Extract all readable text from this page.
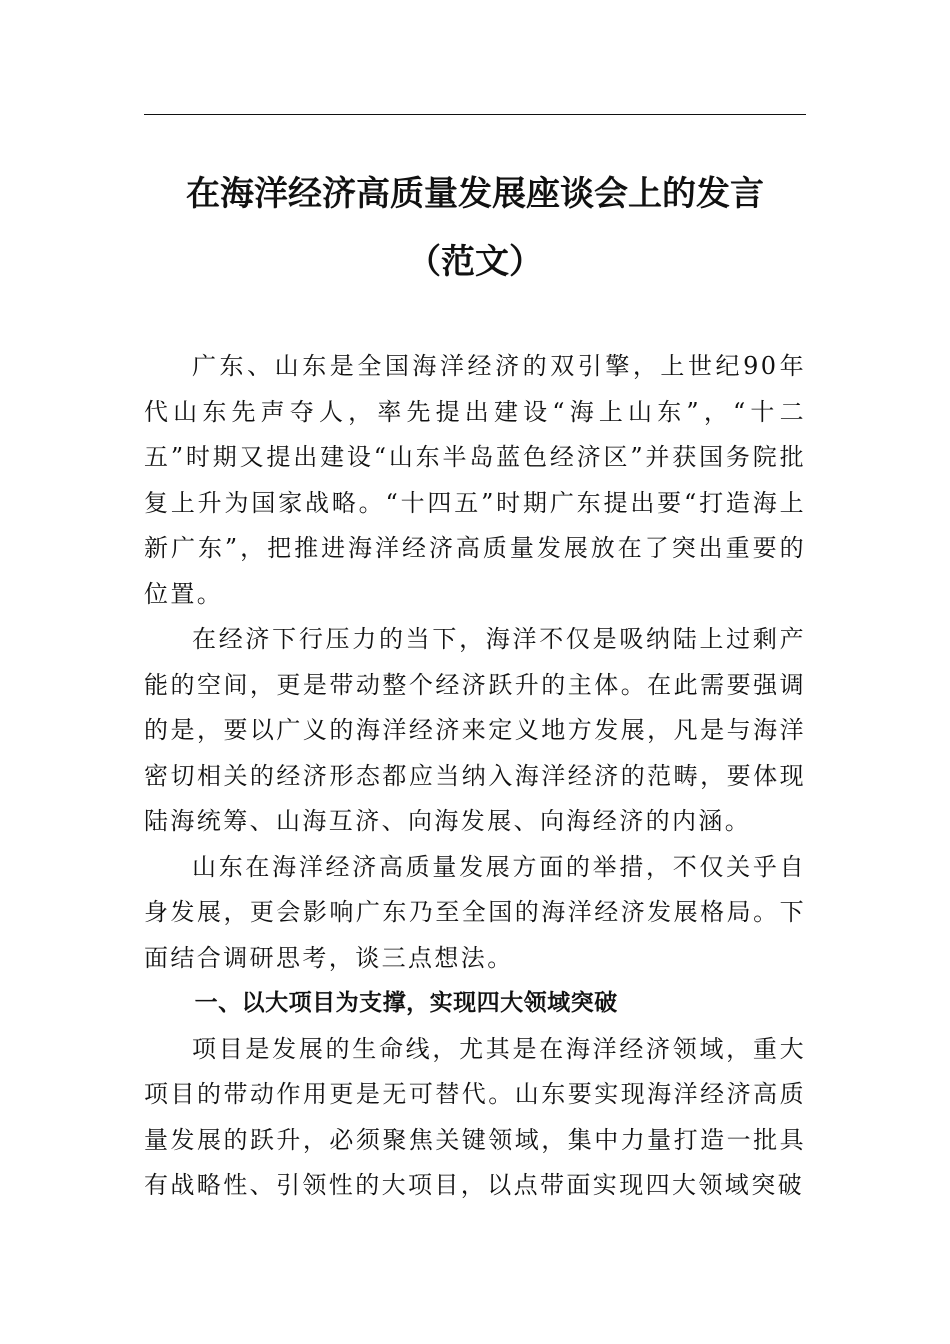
在海洋经济高质量发展座谈会上的发言
（范文）

广东、山东是全国海洋经济的双引擎，上世纪90年代山东先声夺人，率先提出建设“海上山东”，“十二五”时期又提出建设“山东半岛蓝色经济区”并获国务院批复上升为国家战略。“十四五”时期广东提出要“打造海上新广东”，把推进海洋经济高质量发展放在了突出重要的位置。

在经济下行压力的当下，海洋不仅是吸纳陆上过剩产能的空间，更是带动整个经济跃升的主体。在此需要强调的是，要以广义的海洋经济来定义地方发展，凡是与海洋密切相关的经济形态都应当纳入海洋经济的范畴，要体现陆海统筹、山海互济、向海发展、向海经济的内涵。

山东在海洋经济高质量发展方面的举措，不仅关乎自身发展，更会影响广东乃至全国的海洋经济发展格局。下面结合调研思考，谈三点想法。

一、以大项目为支撑，实现四大领域突破

项目是发展的生命线，尤其是在海洋经济领域，重大项目的带动作用更是无可替代。山东要实现海洋经济高质量发展的跃升，必须聚焦关键领域，集中力量打造一批具有战略性、引领性的大项目，以点带面实现四大领域突破
